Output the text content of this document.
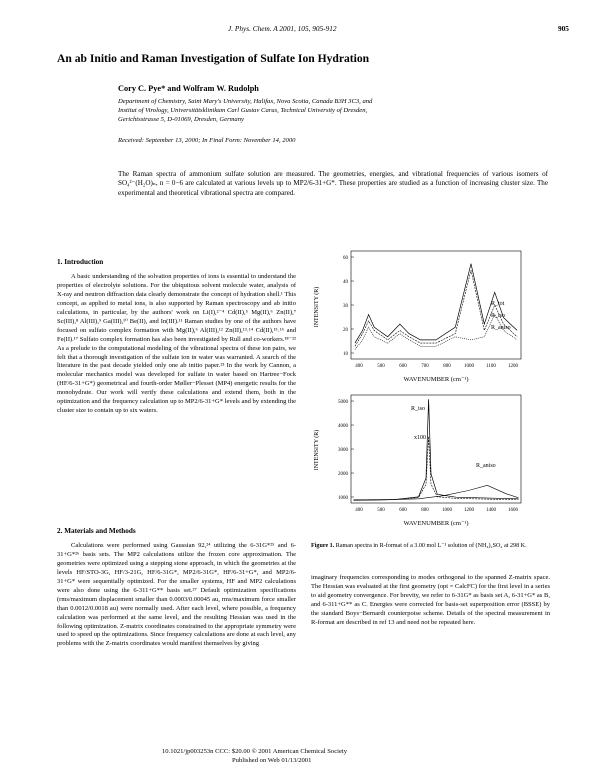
J. Phys. Chem. A 2001, 105, 905-912	905
An ab Initio and Raman Investigation of Sulfate Ion Hydration
Cory C. Pye* and Wolfram W. Rudolph
Department of Chemistry, Saint Mary's University, Halifax, Nova Scotia, Canada B3H 3C3, and
Institut of Virology, Universitätsklinikum Carl Gustav Carus, Technical University of Dresden,
Gerichtsstrasse 5, D-01069, Dresden, Germany
Received: September 13, 2000; In Final Form: November 14, 2000
The Raman spectra of ammonium sulfate solution are measured. The geometries, energies, and vibrational frequencies of various isomers of SO₄²⁻(H₂O)ₙ, n = 0−6 are calculated at various levels up to MP2/6-31+G*. These properties are studied as a function of increasing cluster size. The experimental and theoretical vibrational spectra are compared.
1. Introduction

A basic understanding of the solvation properties of ions is essential to understand the properties of electrolyte solutions. For the ubiquitous solvent molecule water, analysis of X-ray and neutron diffraction data clearly demonstrate the concept of hydration shell.¹ This concept, as applied to metal ions, is also supported by Raman spectroscopy and ab initio calculations, in particular, by the authors' work on Li(I),²⁻⁴ Cd(II),⁵ Mg(II),⁶ Zn(II),⁷ Sc(III),⁸ Al(III),⁹ Ga(III),¹⁰ Be(II), and In(III).¹¹ Raman studies by one of the authors have focused on sulfato complex formation with Mg(II),⁶ Al(III),¹² Zn(II),¹³˒¹⁴ Cd(II),¹⁵˒¹⁶ and Fe(II).¹⁷ Sulfato complex formation has also been investigated by Rull and co-workers.¹⁸⁻²² As a prelude to the computational modeling of the vibrational spectra of these ion pairs, we felt that a thorough investigation of the sulfate ion in water was warranted. A search of the literature in the past decade yielded only one ab initio paper.²³ In the work by Cannon, a molecular mechanics model was developed for sulfate in water based on Hartree−Fock (HF/6-31+G*) geometrical and fourth-order Møller−Plesset (MP4) energetic results for the monohydrate. Our work will verify these calculations and extend them, both in the optimization and the frequency calculation up to MP2/6-31+G* levels and by extending the cluster size to contain up to six waters.

2. Materials and Methods

Calculations were performed using Gaussian 92,²⁴ utilizing the 6-31G*²⁵ and 6-31+G*²⁶ basis sets. The MP2 calculations utilize the frozen core approximation. The geometries were optimized using a stepping stone approach, in which the geometries at the levels HF/STO-3G, HF/3-21G, HF/6-31G*, MP2/6-31G*, HF/6-31+G*, and MP2/6-31+G* were sequentially optimized. For the smaller systems, HF and MP2 calculations were also done using the 6-311+G** basis set.²⁷ Default optimization specifications (rms/maximum displacement smaller than 0.0003/0.00045 au, rms/maximum force smaller than 0.0012/0.0018 au) were normally used. After each level, where possible, a frequency calculation was performed at the same level, and the resulting Hessian was used in the following optimization. Z-matrix coordinates constrained to the appropriate symmetry were used to speed up the optimizations. Since frequency calculations are done at each level, any problems with the Z-matrix coordinates would manifest themselves by giving

INTENSITY (R)
60
40
30
20
10
400	500	600	700	800	1000 1100 1200
R_tot
R_iso
R_aniso
WAVENUMBER (cm⁻¹)
INTENSITY (R)
5000
4000
3000
2000
1000
400	500	600	800	1000 1200 1400 1600
R_iso
x100
R_aniso
WAVENUMBER (cm⁻¹)
Figure 1. Raman spectra in R-format of a 3.00 mol L⁻¹ solution of (NH₄)₂SO₄ at 298 K.

imaginary frequencies corresponding to modes orthogonal to the spanned Z-matrix space. The Hessian was evaluated at the first geometry (opt = CalcFC) for the first level in a series to aid geometry convergence. For brevity, we refer to 6-31G* as basis set A, 6-31+G* as B, and 6-311+G** as C. Energies were corrected for basis-set superposition error (BSSE) by the standard Boys−Bernardi counterpoise scheme. Details of the spectral measurement in R-format are described in ref 13 and need not be repeated here.

10.1021/jp003253n CCC: $20.00 © 2001 American Chemical Society
Published on Web 01/13/2001
